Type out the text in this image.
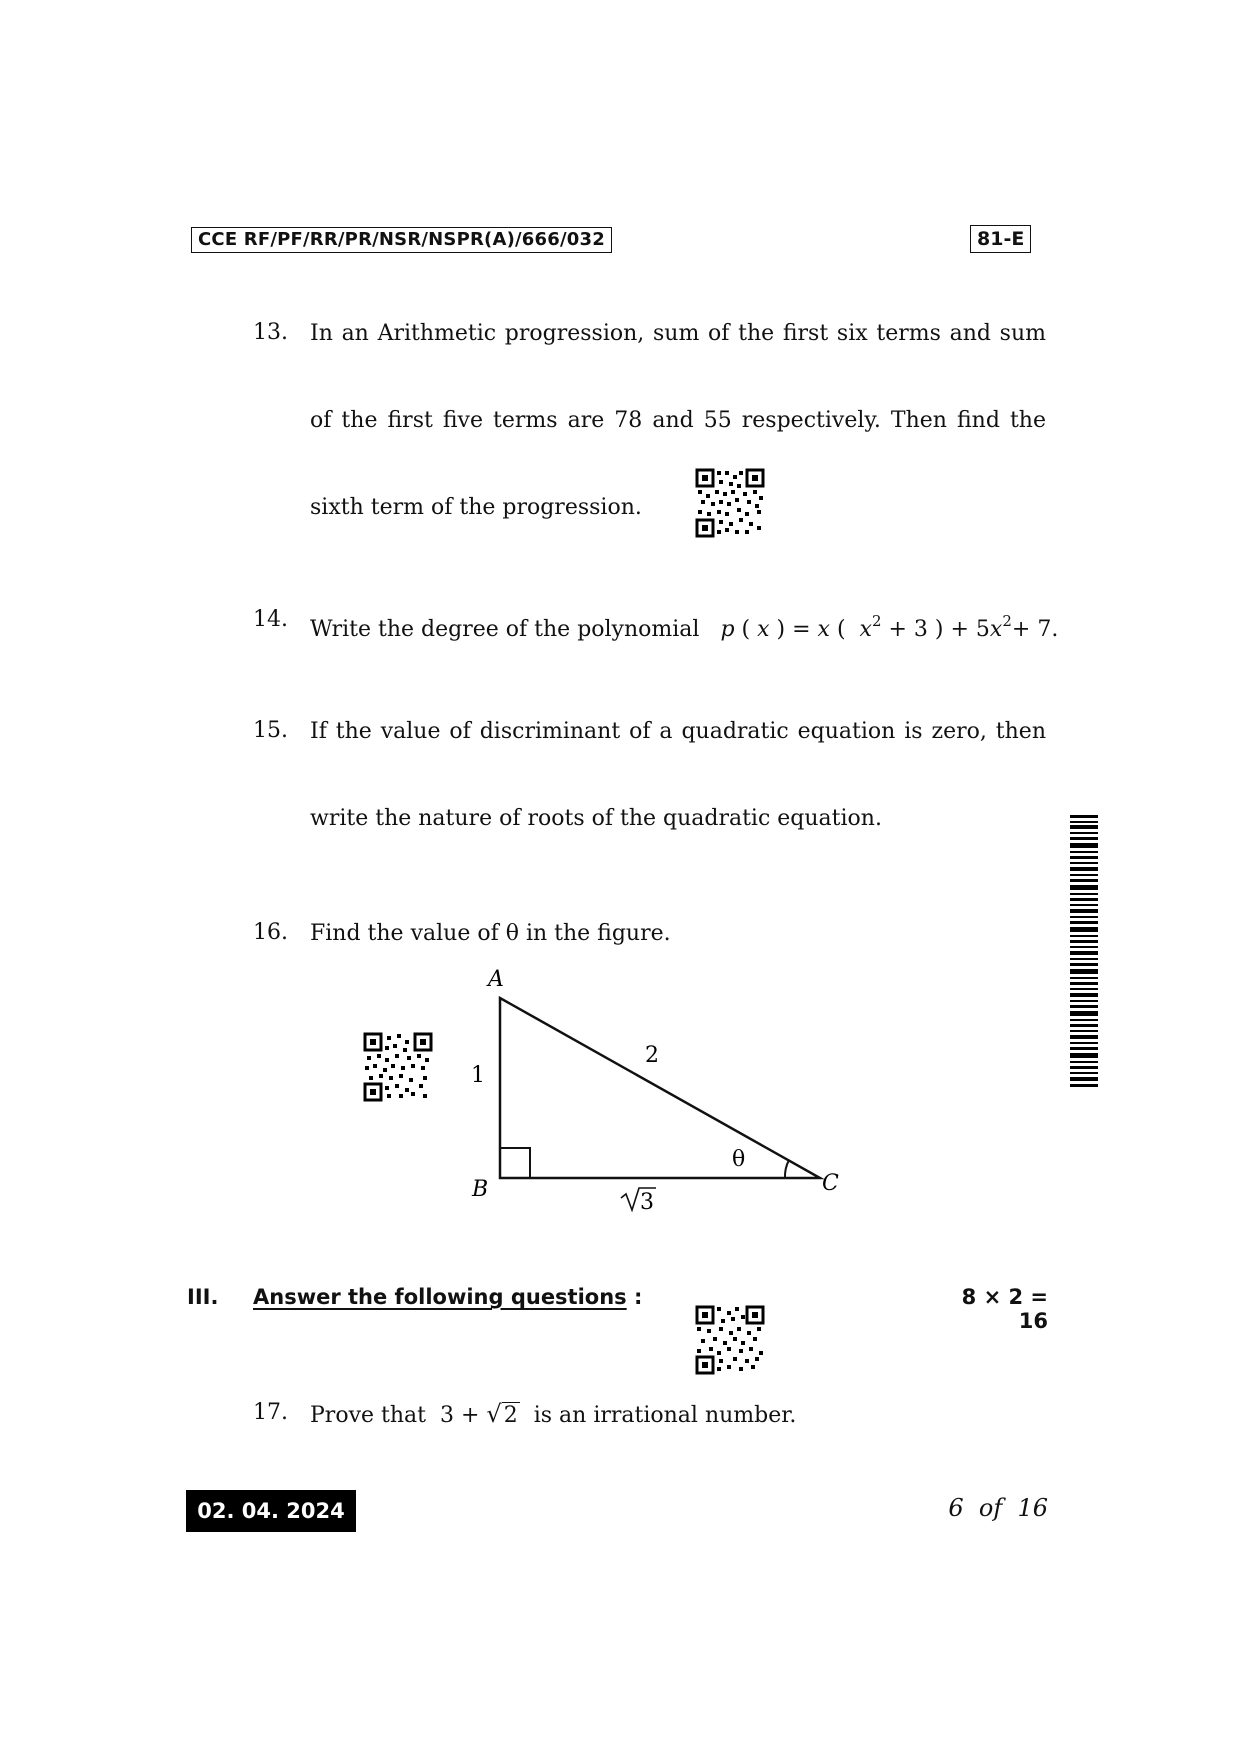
CCE RF/PF/RR/PR/NSR/NSPR(A)/666/032	81-E
13. In an Arithmetic progression, sum of the first six terms and sum
of the first five terms are 78 and 55 respectively. Then find the
sixth term of the progression.
14. Write the degree of the polynomial p ( x ) = x (  $x^2 + 3$ ) + $5x^2+ 7$.
15. If the value of discriminant of a quadratic equation is zero, then
write the nature of roots of the quadratic equation.
16. Find the value of θ in the figure.
A
B	C
1
2
θ
3
III. Answer the following questions :	8 × 2 = 16
17. Prove that 3 + √2 is an irrational number.
02. 04. 2024	6  of  16
